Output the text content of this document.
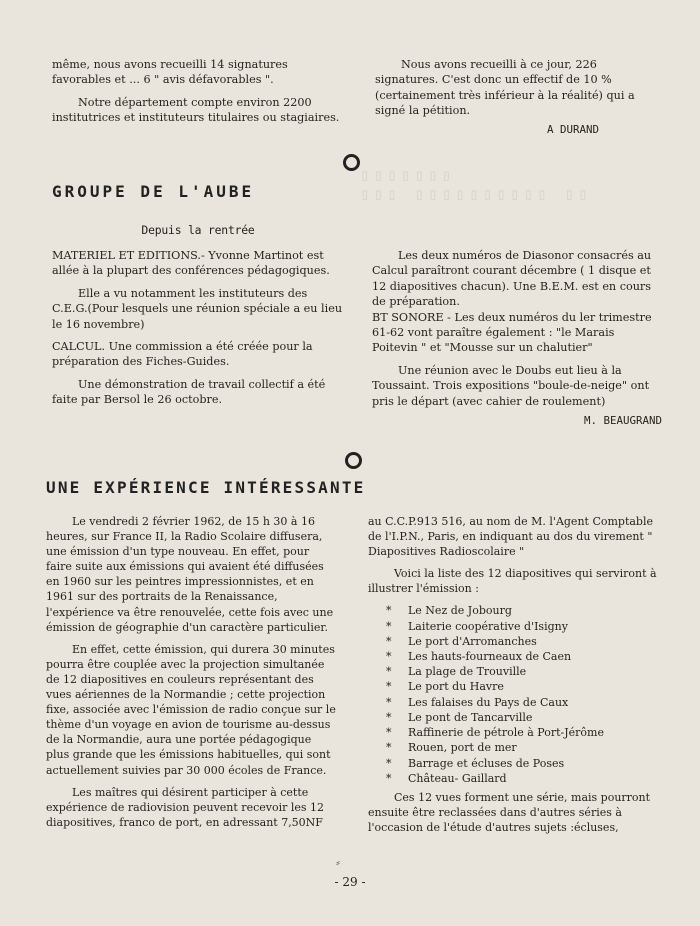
▯▯▯ ▯▯▯▯▯▯▯▯▯▯ ▯▯ ▯▯▯▯▯▯▯

même, nous avons recueilli 14 signatures favorables et ... 6 " avis défavorables ".

Notre département compte environ 2200 institutrices et instituteurs titulaires ou stagiaires.

Nous avons recueilli à ce jour, 226 signatures. C'est donc un effectif de 10 % (certainement très inférieur à la réalité) qui a signé la pétition.

A DURAND
GROUPE DE L'AUBE
Depuis la rentrée

MATERIEL ET EDITIONS.- Yvonne Martinot est allée à la plupart des conférences pédagogiques.

Elle a vu notamment les instituteurs des C.E.G.(Pour lesquels une réunion spéciale a eu lieu le 16 novembre)

CALCUL. Une commission a été créée pour la préparation des Fiches-Guides.

Une démonstration de travail collectif a été faite par Bersol le 26 octobre.

Les deux numéros de Diasonor consacrés au Calcul paraîtront courant décembre ( 1 disque et 12 diapositives chacun). Une B.E.M. est en cours de préparation.

BT SONORE - Les deux numéros du ler trimestre 61-62 vont paraître également : "le Marais Poitevin " et "Mousse sur un chalutier"

Une réunion avec le Doubs eut lieu à la Toussaint. Trois expositions "boule-de-neige" ont pris le départ (avec cahier de roulement)

M. BEAUGRAND
UNE EXPÉRIENCE INTÉRESSANTE

Le vendredi 2 février 1962, de 15 h 30 à 16 heures, sur France II, la Radio Scolaire diffusera, une émission d'un type nouveau. En effet, pour faire suite aux émissions qui avaient été diffusées en 1960 sur les peintres impressionnistes, et en 1961 sur des portraits de la Renaissance, l'expérience va être renouvelée, cette fois avec une émission de géographie d'un caractère particulier.

En effet, cette émission, qui durera 30 minutes pourra être couplée avec la projection simultanée de 12 diapositives en couleurs représentant des vues aériennes de la Normandie ; cette projection fixe, associée avec l'émission de radio conçue sur le thème d'un voyage en avion de tourisme au-dessus de la Normandie, aura une portée pédagogique plus grande que les émissions habituelles, qui sont actuellement suivies par 30 000 écoles de France.

Les maîtres qui désirent participer à cette expérience de radiovision peuvent recevoir les 12 diapositives, franco de port, en adressant 7,50NF

au C.C.P.913 516, au nom de M. l'Agent Comptable de l'I.P.N., Paris, en indiquant au dos du virement " Diapositives Radioscolaire "

Voici la liste des 12 diapositives qui serviront à illustrer l'émission :

* Le Nez de Jobourg
* Laiterie coopérative d'Isigny
* Le port d'Arromanches
* Les hauts-fourneaux de Caen
* La plage de Trouville
* Le port du Havre
* Les falaises du Pays de Caux
* Le pont de Tancarville
* Raffinerie de pétrole à Port-Jérôme
* Rouen, port de mer
* Barrage et écluses de Poses
* Château- Gaillard

Ces 12 vues forment une série, mais pourront ensuite être reclassées dans d'autres séries à l'occasion de l'étude d'autres sujets :écluses,

⸗
- 29 -
